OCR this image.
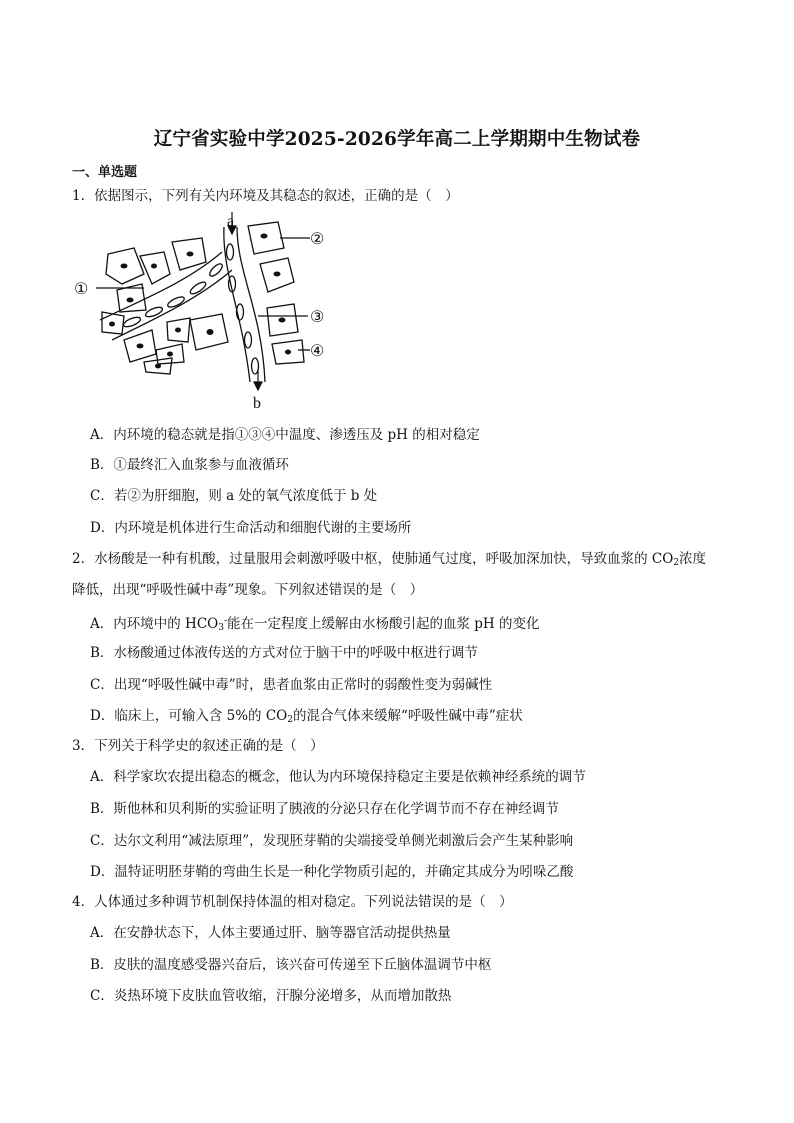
辽宁省实验中学2025-2026学年高二上学期期中生物试卷
一、单选题
1．依据图示，下列有关内环境及其稳态的叙述，正确的是（　）
a
b
①
②
③
④
A．内环境的稳态就是指①③④中温度、渗透压及 pH 的相对稳定
B．①最终汇入血浆参与血液循环
C．若②为肝细胞，则 a 处的氧气浓度低于 b 处
D．内环境是机体进行生命活动和细胞代谢的主要场所
2．水杨酸是一种有机酸，过量服用会刺激呼吸中枢，使肺通气过度，呼吸加深加快，导致血浆的 $CO_2$浓度
降低，出现“呼吸性碱中毒”现象。下列叙述错误的是（　）
A．内环境中的 $HCO_3^-$能在一定程度上缓解由水杨酸引起的血浆 pH 的变化
B．水杨酸通过体液传送的方式对位于脑干中的呼吸中枢进行调节
C．出现“呼吸性碱中毒”时，患者血浆由正常时的弱酸性变为弱碱性
D．临床上，可输入含 5%的 $CO_2$的混合气体来缓解“呼吸性碱中毒”症状
3．下列关于科学史的叙述正确的是（　）
A．科学家坎农提出稳态的概念，他认为内环境保持稳定主要是依赖神经系统的调节
B．斯他林和贝利斯的实验证明了胰液的分泌只存在化学调节而不存在神经调节
C．达尔文利用“减法原理”，发现胚芽鞘的尖端接受单侧光刺激后会产生某种影响
D．温特证明胚芽鞘的弯曲生长是一种化学物质引起的，并确定其成分为吲哚乙酸
4．人体通过多种调节机制保持体温的相对稳定。下列说法错误的是（　）
A．在安静状态下，人体主要通过肝、脑等器官活动提供热量
B．皮肤的温度感受器兴奋后，该兴奋可传递至下丘脑体温调节中枢
C．炎热环境下皮肤血管收缩，汗腺分泌增多，从而增加散热
